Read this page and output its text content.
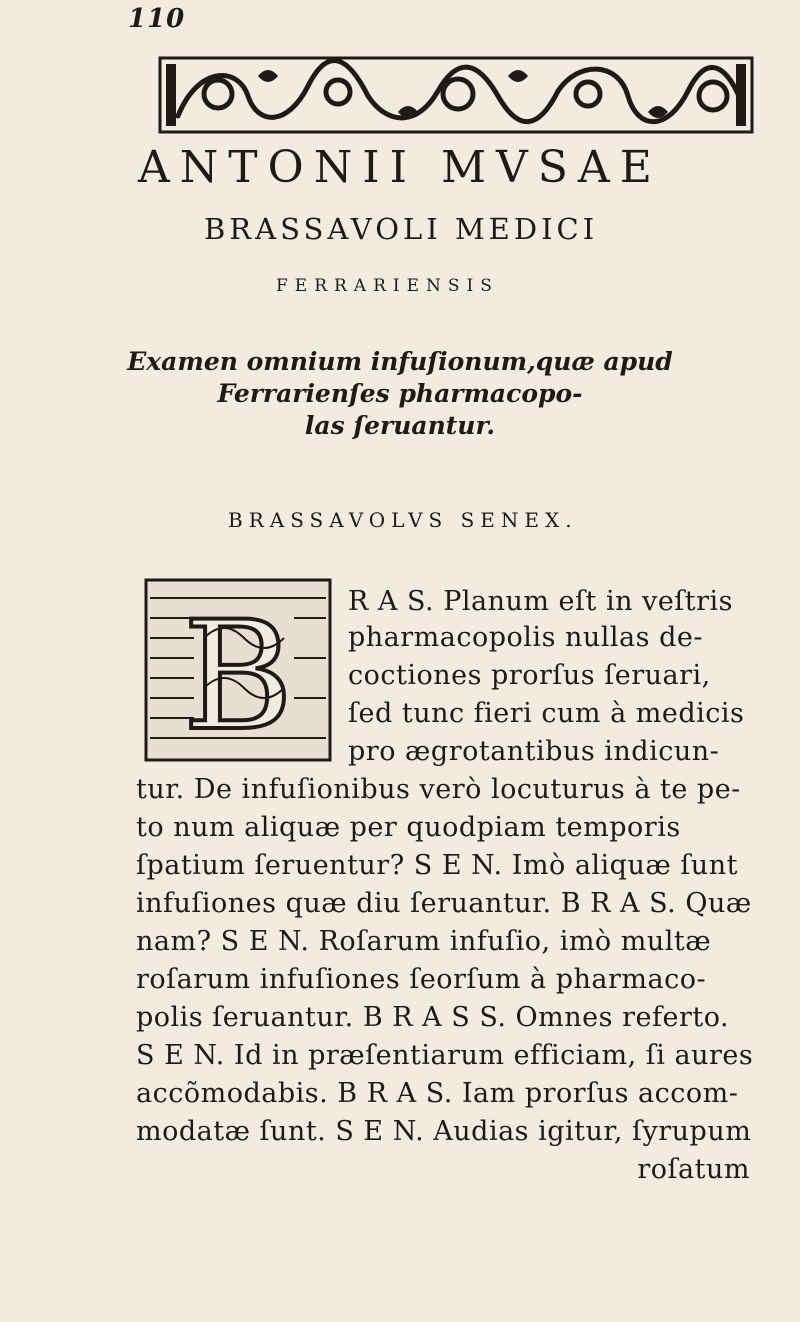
110
ANTONII MVSAE
BRASSAVOLI MEDICI
FERRARIENSIS
Examen omnium infuſionum,quæ apud
Ferrarienſes pharmacopo-
las ſeruantur.
BRASSAVOLVS SENEX.
B R A S. Planum eſt in veſtris
pharmacopolis nullas de-
coctiones prorſus ſeruari,
ſed tunc fieri cum à medicis
pro ægrotantibus indicun-
tur. De infuſionibus verò locuturus à te pe-
to num aliquæ per quodpiam temporis
ſpatium ſeruentur? S E N. Imò aliquæ ſunt
infuſiones quæ diu ſeruantur. B R A S. Quæ
nam? S E N. Roſarum infuſio, imò multæ
roſarum infuſiones ſeorſum à pharmaco-
polis ſeruantur. B R A S S. Omnes referto.
S E N. Id in præſentiarum efficiam, ſi aures
accõmodabis. B R A S. Iam prorſus accom-
modatæ ſunt. S E N. Audias igitur, ſyrupum
roſatum
